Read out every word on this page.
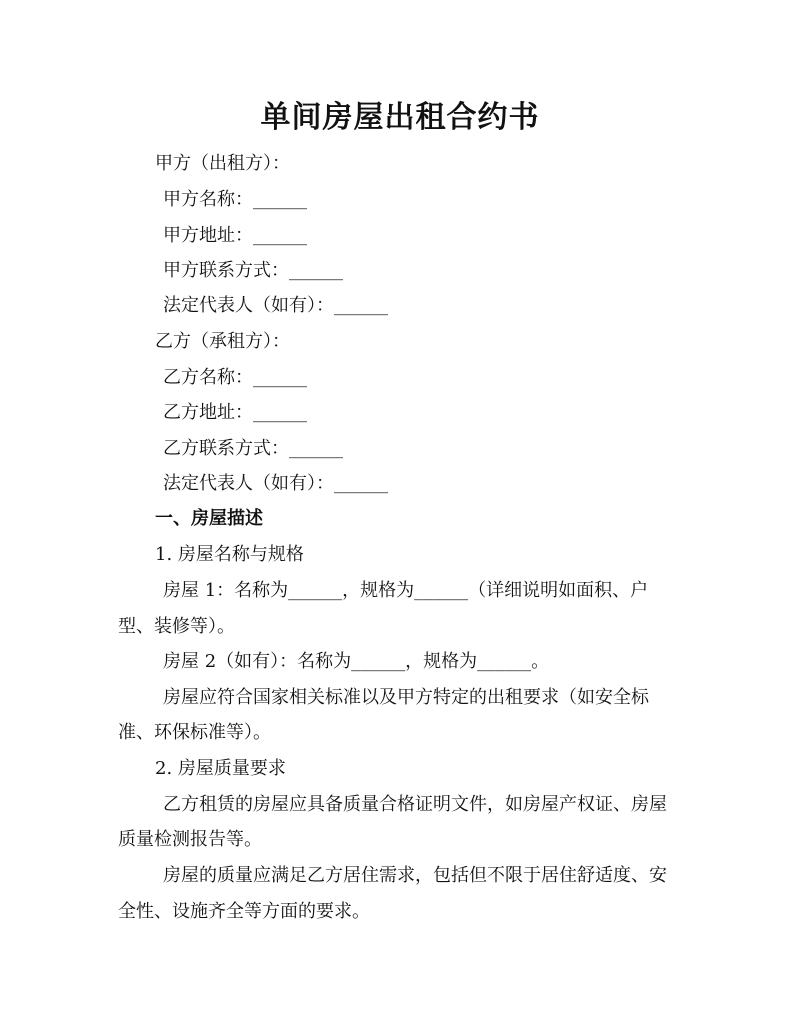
单间房屋出租合约书
甲方（出租方）：
甲方名称：______
甲方地址：______
甲方联系方式：______
法定代表人（如有）：______
乙方（承租方）：
乙方名称：______
乙方地址：______
乙方联系方式：______
法定代表人（如有）：______
一、房屋描述
1. 房屋名称与规格
房屋 1：名称为______，规格为______（详细说明如面积、户
型、装修等）。
房屋 2（如有）：名称为______，规格为______。
房屋应符合国家相关标准以及甲方特定的出租要求（如安全标
准、环保标准等）。
2. 房屋质量要求
乙方租赁的房屋应具备质量合格证明文件，如房屋产权证、房屋
质量检测报告等。
房屋的质量应满足乙方居住需求，包括但不限于居住舒适度、安
全性、设施齐全等方面的要求。
